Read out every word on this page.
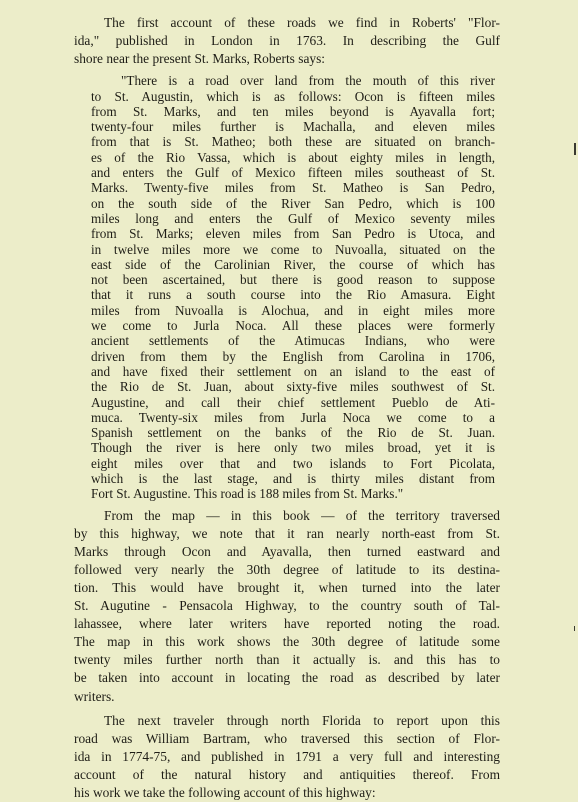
The first account of these roads we find in Roberts' "Flor-
ida," published in London in 1763. In describing the Gulf
shore near the present St. Marks, Roberts says:

"There is a road over land from the mouth of this river
to St. Augustin, which is as follows: Ocon is fifteen miles
from St. Marks, and ten miles beyond is Ayavalla fort;
twenty-four miles further is Machalla, and eleven miles
from that is St. Matheo; both these are situated on branch-
es of the Rio Vassa, which is about eighty miles in length,
and enters the Gulf of Mexico fifteen miles southeast of St.
Marks. Twenty-five miles from St. Matheo is San Pedro,
on the south side of the River San Pedro, which is 100
miles long and enters the Gulf of Mexico seventy miles
from St. Marks; eleven miles from San Pedro is Utoca, and
in twelve miles more we come to Nuvoalla, situated on the
east side of the Carolinian River, the course of which has
not been ascertained, but there is good reason to suppose
that it runs a south course into the Rio Amasura. Eight
miles from Nuvoalla is Alochua, and in eight miles more
we come to Jurla Noca. All these places were formerly
ancient settlements of the Atimucas Indians, who were
driven from them by the English from Carolina in 1706,
and have fixed their settlement on an island to the east of
the Rio de St. Juan, about sixty-five miles southwest of St.
Augustine, and call their chief settlement Pueblo de Ati-
muca. Twenty-six miles from Jurla Noca we come to a
Spanish settlement on the banks of the Rio de St. Juan.
Though the river is here only two miles broad, yet it is
eight miles over that and two islands to Fort Picolata,
which is the last stage, and is thirty miles distant from
Fort St. Augustine. This road is 188 miles from St. Marks."

From the map — in this book — of the territory traversed
by this highway, we note that it ran nearly north-east from St.
Marks through Ocon and Ayavalla, then turned eastward and
followed very nearly the 30th degree of latitude to its destina-
tion. This would have brought it, when turned into the later
St. Augutine - Pensacola Highway, to the country south of Tal-
lahassee, where later writers have reported noting the road.
The map in this work shows the 30th degree of latitude some
twenty miles further north than it actually is. and this has to
be taken into account in locating the road as described by later
writers.

The next traveler through north Florida to report upon this
road was William Bartram, who traversed this section of Flor-
ida in 1774-75, and published in 1791 a very full and interesting
account of the natural history and antiquities thereof. From
his work we take the following account of this highway:
